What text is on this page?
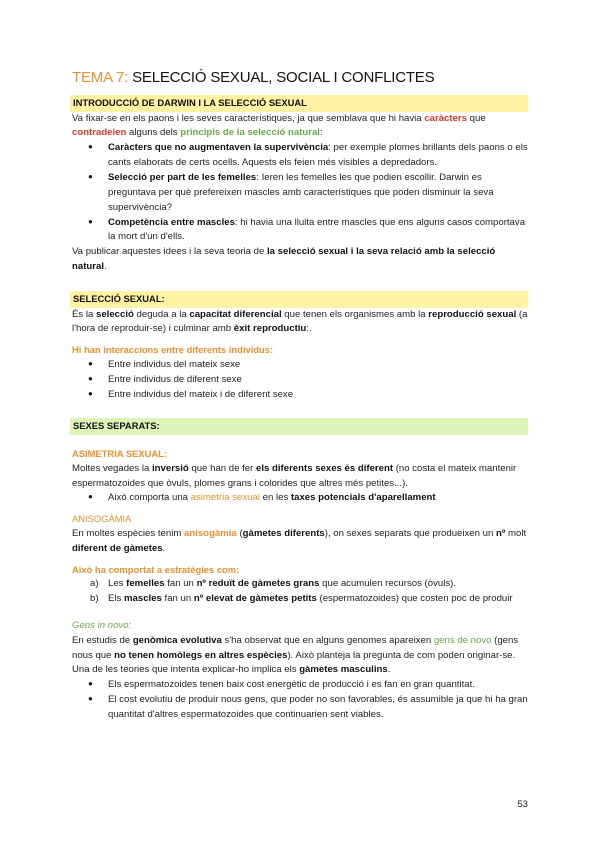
TEMA 7: SELECCIÓ SEXUAL, SOCIAL I CONFLICTES
INTRODUCCIÓ DE DARWIN I LA SELECCIÓ SEXUAL

Va fixar-se en els paons i les seves característiques, ja que semblava que hi havia caràcters que contradeien alguns dels principis de la selecció natural:

● Caràcters que no augmentaven la supervivència: per exemple plomes brillants dels paons o els cants elaborats de certs ocells. Aquests els feien més visibles a depredadors.
● Selecció per part de les femelles: Ieren les femelles les que podien escollir. Darwin es preguntava per què prefereixen mascles amb característiques que poden disminuir la seva supervivència?
● Competència entre mascles: hi havia una lluita entre mascles que ens alguns casos comportava la mort d'un d'ells.

Va publicar aquestes idees i la seva teoria de la selecció sexual i la seva relació amb la selecció natural.

SELECCIÓ SEXUAL:

És la selecció deguda a la capacitat diferencial que tenen els organismes amb la reproducció sexual (a l'hora de reproduir-se) i culminar amb èxit reproductiu:.

Hi han interaccions entre diferents individus:

● Entre individus del mateix sexe
● Entre individus de diferent sexe
● Entre individus del mateix i de diferent sexe
SEXES SEPARATS:

ASIMETRIA SEXUAL:

Moltes vegades la inversió que han de fer els diferents sexes és diferent (no costa el mateix mantenir espermatozoides que òvuls, plomes grans i colorides que altres més petites...).

● Això comporta una asimetria sexual en les taxes potencials d'aparellament

ANISOGÀMIA

En moltes espècies tenim anisogàmia (gàmetes diferents), on sexes separats que produeixen un nº molt diferent de gàmetes.

Això ha comportat a estratègies com:

a) Les femelles fan un nº reduït de gàmetes grans que acumulen recursos (òvuls).
b) Els mascles fan un nº elevat de gàmetes petits (espermatozoides) que costen poc de produir

Gens in novo:

En estudis de genòmica evolutiva s'ha observat que en alguns genomes apareixen gens de novo (gens nous que no tenen homòlegs en altres espècies). Això planteja la pregunta de com poden originar-se. Una de les teories que intenta explicar-ho implica els gàmetes masculins.

● Els espermatozoides tenen baix cost energètic de producció i es fan en gran quantitat.
● El cost evolutiu de produir nous gens, que poder no son favorables, és assumible ja que hi ha gran quantitat d'altres espermatozoides que continuarien sent viables.
53
